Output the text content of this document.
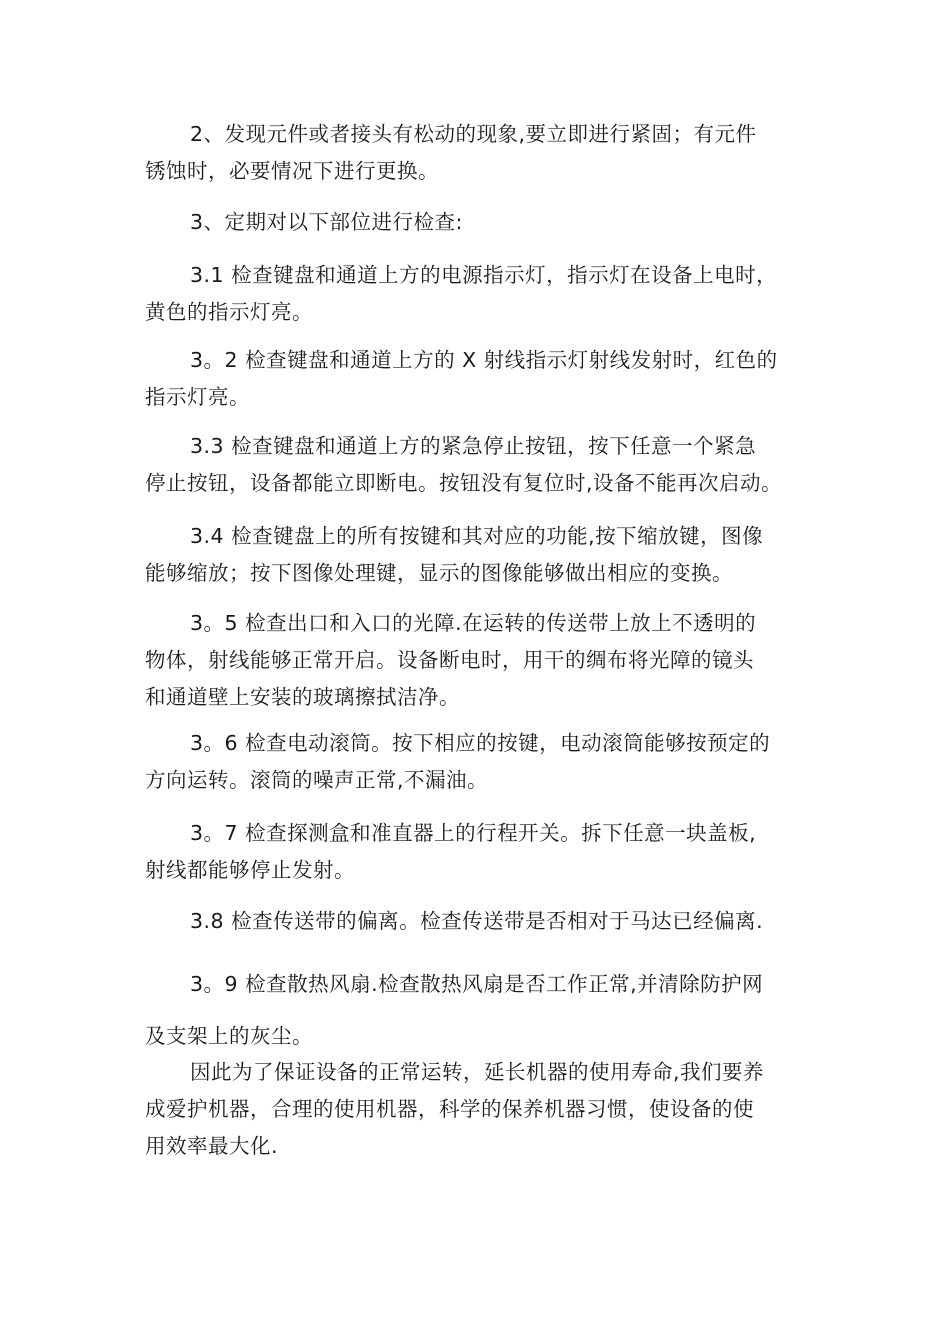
2、发现元件或者接头有松动的现象,要立即进行紧固；有元件
锈蚀时，必要情况下进行更换。

3、定期对以下部位进行检查:

3.1 检查键盘和通道上方的电源指示灯，指示灯在设备上电时，
黄色的指示灯亮。

3。2 检查键盘和通道上方的 X 射线指示灯射线发射时，红色的
指示灯亮。

3.3 检查键盘和通道上方的紧急停止按钮，按下任意一个紧急
停止按钮，设备都能立即断电。按钮没有复位时,设备不能再次启动。

3.4 检查键盘上的所有按键和其对应的功能,按下缩放键，图像
能够缩放；按下图像处理键，显示的图像能够做出相应的变换。

3。5 检查出口和入口的光障.在运转的传送带上放上不透明的
物体，射线能够正常开启。设备断电时，用干的绸布将光障的镜头
和通道壁上安装的玻璃擦拭洁净。

3。6 检查电动滚筒。按下相应的按键，电动滚筒能够按预定的
方向运转。滚筒的噪声正常,不漏油。

3。7 检查探测盒和准直器上的行程开关。拆下任意一块盖板,
射线都能够停止发射。

3.8 检查传送带的偏离。检查传送带是否相对于马达已经偏离.

3。9 检查散热风扇.检查散热风扇是否工作正常,并清除防护网

及支架上的灰尘。

因此为了保证设备的正常运转，延长机器的使用寿命,我们要养
成爱护机器，合理的使用机器，科学的保养机器习惯，使设备的使
用效率最大化.
